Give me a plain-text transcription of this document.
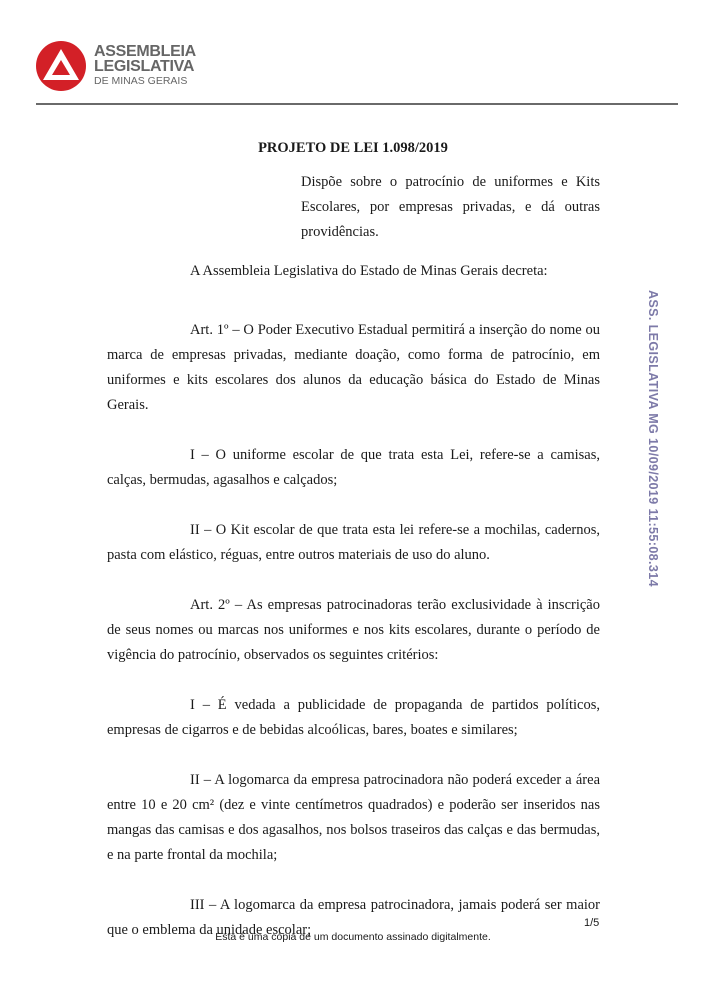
ASSEMBLEIA
LEGISLATIVA
DE MINAS GERAIS
PROJETO DE LEI 1.098/2019
Dispõe sobre o patrocínio de uniformes e Kits Escolares, por empresas privadas, e dá outras providências.
A Assembleia Legislativa do Estado de Minas Gerais decreta:

Art. 1º – O Poder Executivo Estadual permitirá a inserção do nome ou marca de empresas privadas, mediante doação, como forma de patrocínio, em uniformes e kits escolares dos alunos da educação básica do Estado de Minas Gerais.

I – O uniforme escolar de que trata esta Lei, refere-se a camisas, calças, bermudas, agasalhos e calçados;

II – O Kit escolar de que trata esta lei refere-se a mochilas, cadernos, pasta com elástico, réguas, entre outros materiais de uso do aluno.

Art. 2º – As empresas patrocinadoras terão exclusividade à inscrição de seus nomes ou marcas nos uniformes e nos kits escolares, durante o período de vigência do patrocínio, observados os seguintes critérios:

I – É vedada a publicidade de propaganda de partidos políticos, empresas de cigarros e de bebidas alcoólicas, bares, boates e similares;

II – A logomarca da empresa patrocinadora não poderá exceder a área entre 10 e 20 cm² (dez e vinte centímetros quadrados) e poderão ser inseridos nas mangas das camisas e dos agasalhos, nos bolsos traseiros das calças e das bermudas, e na parte frontal da mochila;

III – A logomarca da empresa patrocinadora, jamais poderá ser maior que o emblema da unidade escolar;

ASS. LEGISLATIVA MG 10/09/2019 11:55:08.314
1/5
Esta é uma cópia de um documento assinado digitalmente.
